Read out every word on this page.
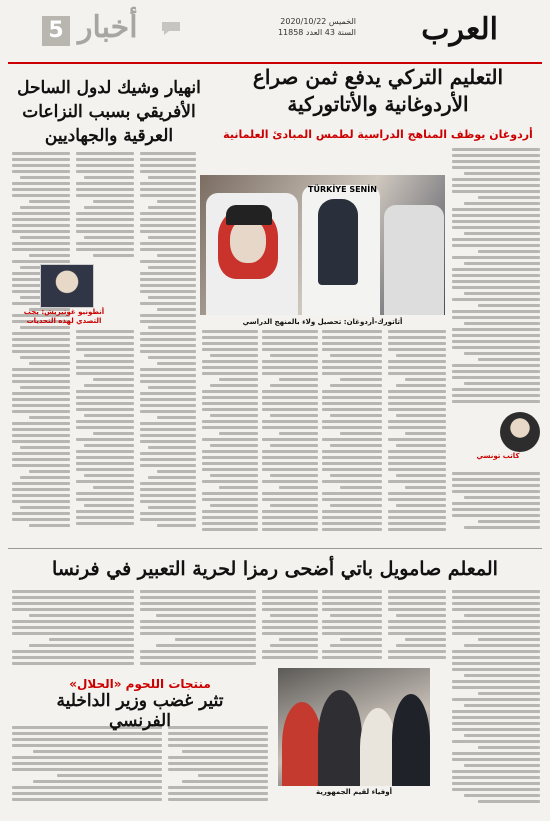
العرب
الخميس 2020/10/22
السنة 43 العدد 11858
5 أخبار
التعليم التركي يدفع ثمن صراع
الأردوغانية والأتاتوركية
أردوغان يوظف المناهج الدراسية لطمس المبادئ العلمانية
انهيار وشيك لدول الساحل
الأفريقي بسبب النزاعات
العرقية والجهاديين
TÜRKİYE SENİN
أتاتورك-أردوغان: تحصيل ولاء بالمنهج الدراسي
أنطونيو غوتيريش: يجب التصدي لهذه التحديات
كاتب تونسي
المعلم صامويل باتي أضحى رمزا لحرية التعبير في فرنسا
منتجات اللحوم «الحلال»
تثير غضب وزير الداخلية الفرنسي
أوفياء لقيم الجمهورية
